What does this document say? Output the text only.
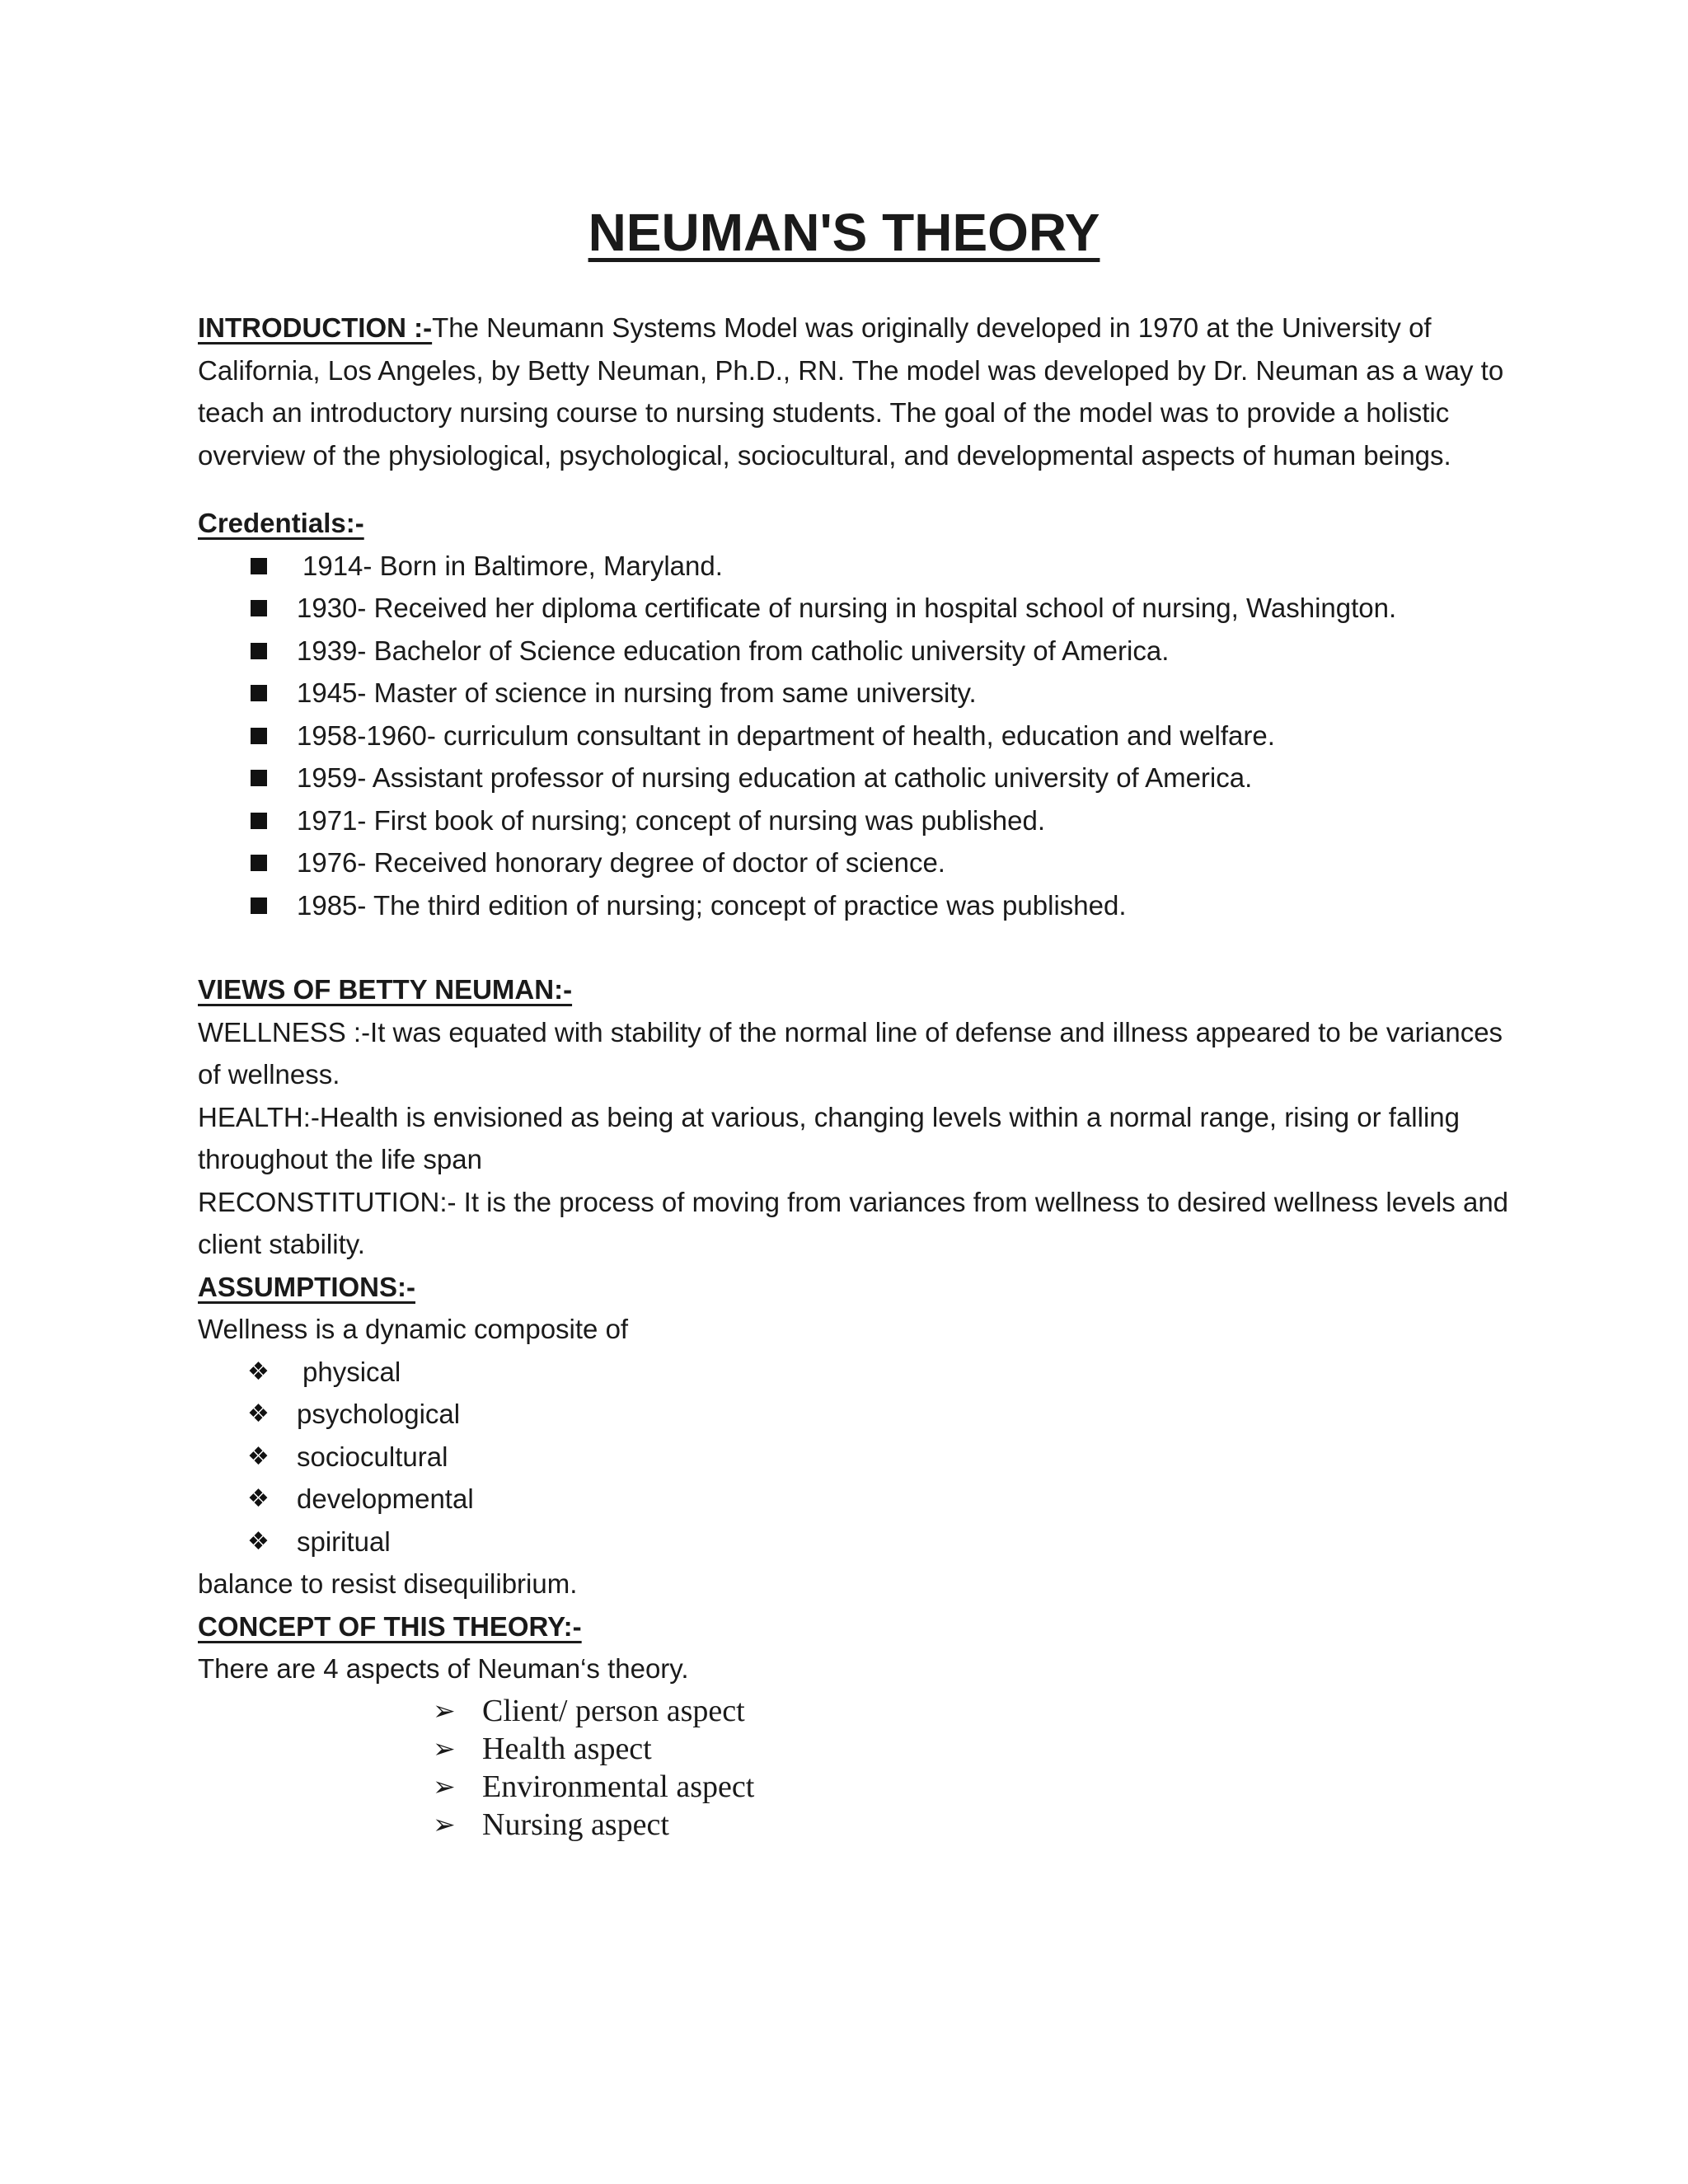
NEUMAN'S THEORY

INTRODUCTION :-The Neumann Systems Model was originally developed in 1970 at the University of California, Los Angeles, by Betty Neuman, Ph.D., RN. The model was developed by Dr. Neuman as a way to teach an introductory nursing course to nursing students. The goal of the model was to provide a holistic overview of the physiological, psychological, sociocultural, and developmental aspects of human beings.

Credentials:-

1914- Born in Baltimore, Maryland.
1930- Received her diploma certificate of nursing in hospital school of nursing, Washington.
1939- Bachelor of Science education from catholic university of America.
1945- Master of science in nursing from same university.
1958-1960- curriculum consultant in department of health, education and welfare.
1959- Assistant professor of nursing education at catholic university of America.
1971- First book of nursing; concept of nursing was published.
1976- Received honorary degree of doctor of science.
1985- The third edition of nursing; concept of practice was published.

VIEWS OF BETTY NEUMAN:-

WELLNESS :-It was equated with stability of the normal line of defense and illness appeared to be variances of wellness.

HEALTH:-Health is envisioned as being at various, changing levels within a normal range, rising or falling throughout the life span

RECONSTITUTION:- It is the process of moving from variances from wellness to desired wellness levels and client stability.

ASSUMPTIONS:-

Wellness is a dynamic composite of

❖ physical
❖ psychological
❖ sociocultural
❖ developmental
❖ spiritual

balance to resist disequilibrium.

CONCEPT OF THIS THEORY:-

There are 4 aspects of Neuman‘s theory.

➢ Client/ person aspect
➢ Health aspect
➢ Environmental aspect
➢ Nursing aspect
